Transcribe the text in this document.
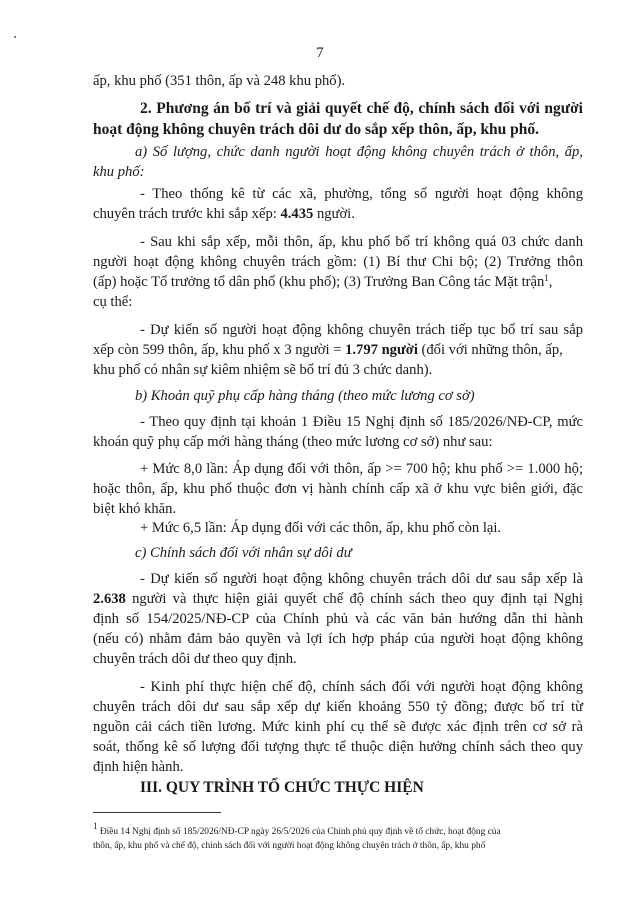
7
ấp, khu phố (351 thôn, ấp và 248 khu phố).
2. Phương án bố trí và giải quyết chế độ, chính sách đối với người
hoạt động không chuyên trách dôi dư do sắp xếp thôn, ấp, khu phố.
a) Số lượng, chức danh người hoạt động không chuyên trách ở thôn, ấp,
khu phố:
- Theo thống kê từ các xã, phường, tổng số người hoạt động không
chuyên trách trước khi sắp xếp: 4.435 người.
- Sau khi sắp xếp, mỗi thôn, ấp, khu phố bố trí không quá 03 chức danh
người hoạt động không chuyên trách gồm: (1) Bí thư Chi bộ; (2) Trưởng thôn
(ấp) hoặc Tổ trưởng tổ dân phố (khu phố); (3) Trưởng Ban Công tác Mặt trận$^1$,
cụ thể:
- Dự kiến số người hoạt động không chuyên trách tiếp tục bố trí sau sắp
xếp còn 599 thôn, ấp, khu phố x 3 người = 1.797 người (đối với những thôn, ấp,
khu phố có nhân sự kiêm nhiệm sẽ bố trí đủ 3 chức danh).
b) Khoản quỹ phụ cấp hàng tháng (theo mức lương cơ sở)
- Theo quy định tại khoản 1 Điều 15 Nghị định số 185/2026/NĐ-CP, mức
khoán quỹ phụ cấp mới hàng tháng (theo mức lương cơ sở) như sau:
+ Mức 8,0 lần: Áp dụng đối với thôn, ấp >= 700 hộ; khu phố >= 1.000 hộ;
hoặc thôn, ấp, khu phố thuộc đơn vị hành chính cấp xã ở khu vực biên giới, đặc
biệt khó khăn.
+ Mức 6,5 lần: Áp dụng đối với các thôn, ấp, khu phố còn lại.
c) Chính sách đối với nhân sự dôi dư
- Dự kiến số người hoạt động không chuyên trách dôi dư sau sắp xếp là
2.638 người và thực hiện giải quyết chế độ chính sách theo quy định tại Nghị
định số 154/2025/NĐ-CP của Chính phủ và các văn bản hướng dẫn thi hành
(nếu có) nhằm đảm bảo quyền và lợi ích hợp pháp của người hoạt động không
chuyên trách dôi dư theo quy định.
- Kinh phí thực hiện chế độ, chính sách đối với người hoạt động không
chuyên trách dôi dư sau sắp xếp dự kiến khoảng 550 tỷ đồng; được bố trí từ
nguồn cải cách tiền lương. Mức kinh phí cụ thể sẽ được xác định trên cơ sở rà
soát, thống kê số lượng đối tượng thực tế thuộc diện hưởng chính sách theo quy
định hiện hành.
III. QUY TRÌNH TỔ CHỨC THỰC HIỆN
$^1$ Điều 14 Nghị định số 185/2026/NĐ-CP ngày 26/5/2026 của Chính phủ quy định về tổ chức, hoạt động của
thôn, ấp, khu phố và chế độ, chính sách đối với người hoạt động không chuyên trách ở thôn, ấp, khu phố
